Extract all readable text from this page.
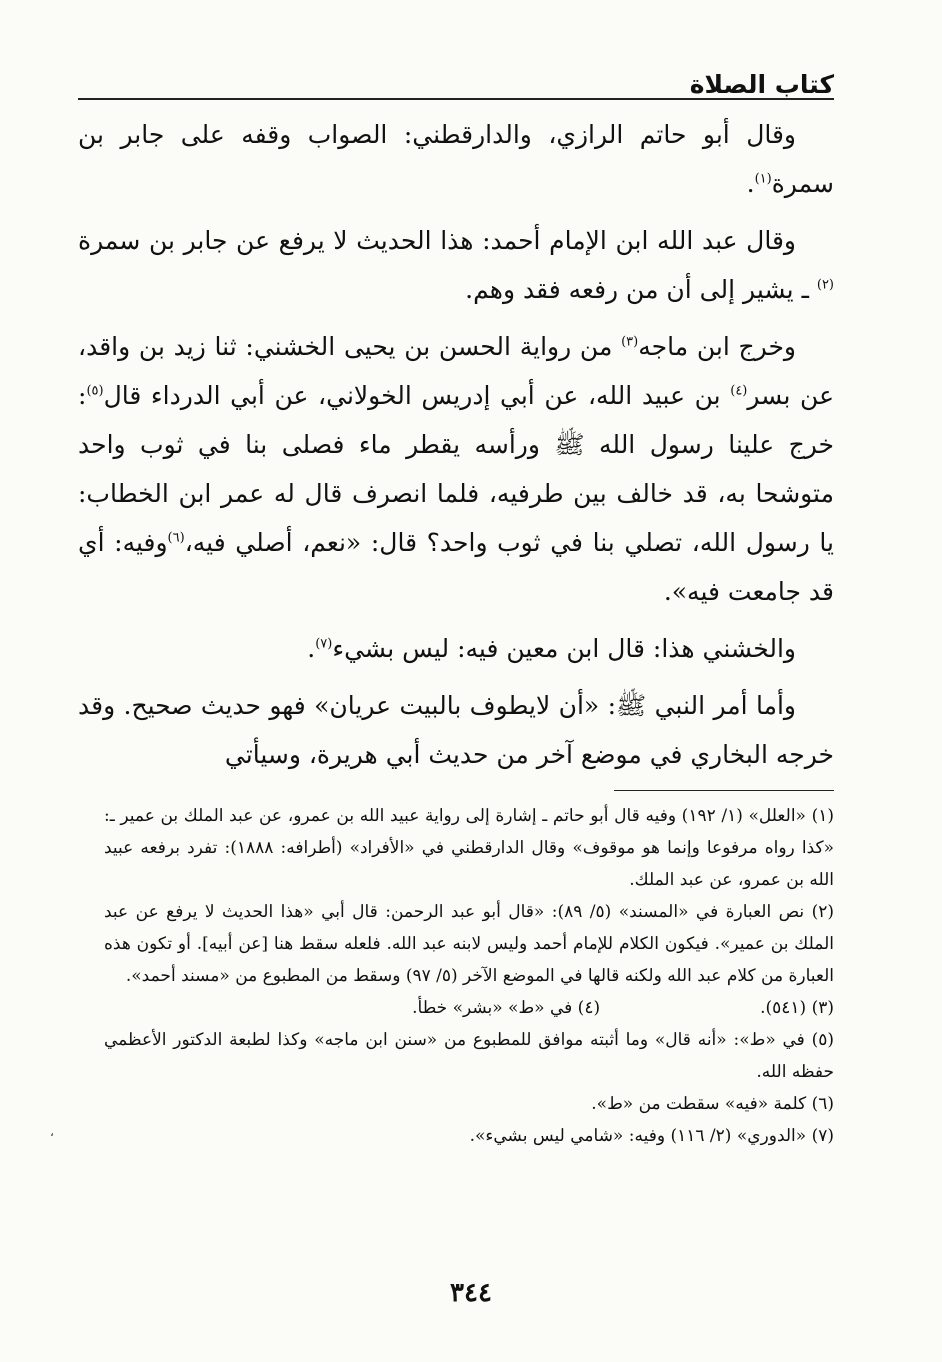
كتاب الصلاة

وقال أبو حاتم الرازي، والدارقطني: الصواب وقفه على جابر بن سمرة$^{(١)}$.

وقال عبد الله ابن الإمام أحمد: هذا الحديث لا يرفع عن جابر بن سمرة $^{(٢)}$ ـ يشير إلى أن من رفعه فقد وهم.

وخرج ابن ماجه$^{(٣)}$ من رواية الحسن بن يحيى الخشني: ثنا زيد بن واقد، عن بسر$^{(٤)}$ بن عبيد الله، عن أبي إدريس الخولاني، عن أبي الدرداء قال$^{(٥)}$: خرج علينا رسول الله ﷺ ورأسه يقطر ماء فصلى بنا في ثوب واحد متوشحا به، قد خالف بين طرفيه، فلما انصرف قال له عمر ابن الخطاب: يا رسول الله، تصلي بنا في ثوب واحد؟ قال: «نعم، أصلي فيه،$^{(٦)}$وفيه: أي قد جامعت فيه».

والخشني هذا: قال ابن معين فيه: ليس بشيء$^{(٧)}$.

وأما أمر النبي ﷺ: «أن لايطوف بالبيت عريان» فهو حديث صحيح. وقد خرجه البخاري في موضع آخر من حديث أبي هريرة، وسيأتي

(١) «العلل» (١/ ١٩٢) وفيه قال أبو حاتم ـ إشارة إلى رواية عبيد الله بن عمرو، عن عبد الملك بن عمير ـ: «كذا رواه مرفوعا وإنما هو موقوف» وقال الدارقطني في «الأفراد» (أطرافه: ١٨٨٨): تفرد برفعه عبيد الله بن عمرو، عن عبد الملك.

(٢) نص العبارة في «المسند» (٥/ ٨٩): «قال أبو عبد الرحمن: قال أبي «هذا الحديث لا يرفع عن عبد الملك بن عمير». فيكون الكلام للإمام أحمد وليس لابنه عبد الله. فلعله سقط هنا [عن أبيه]. أو تكون هذه العبارة من كلام عبد الله ولكنه قالها في الموضع الآخر (٥/ ٩٧) وسقط من المطبوع من «مسند أحمد».

(٣) (٥٤١).
(٤) في «ط» «بشر» خطأ.

(٥) في «ط»: «أنه قال» وما أثبته موافق للمطبوع من «سنن ابن ماجه» وكذا لطبعة الدكتور الأعظمي حفظه الله.

(٦) كلمة «فيه» سقطت من «ط».

(٧) «الدوري» (٢/ ١١٦) وفيه: «شامي ليس بشيء».

،
٣٤٤
